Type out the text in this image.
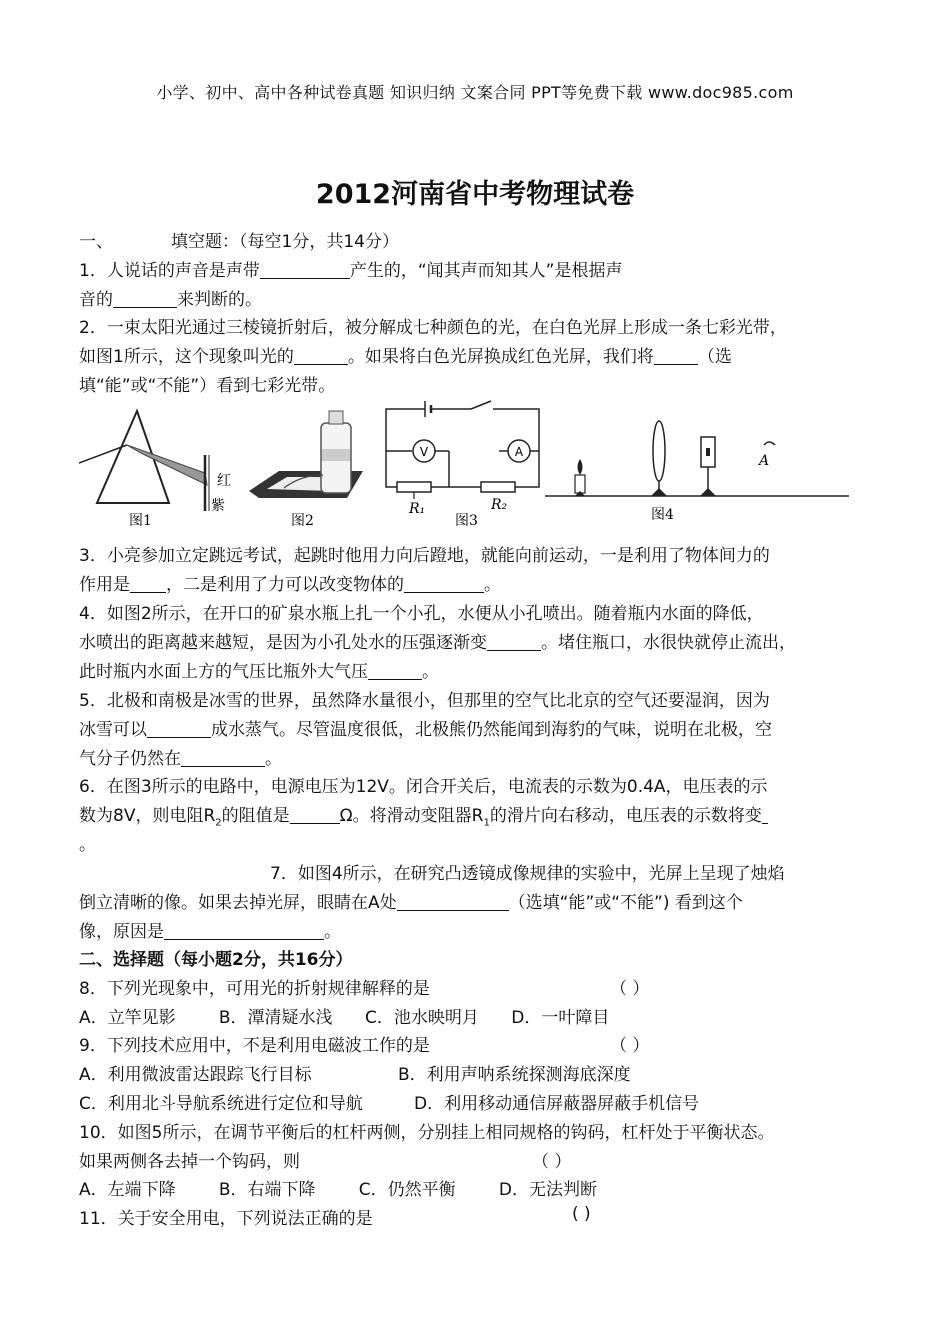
小学、初中、高中各种试卷真题 知识归纳 文案合同 PPT等免费下载 www.doc985.com
2012河南省中考物理试卷
一、	填空题：（每空1分，共14分）
1．人说话的声音是声带	产生的，“闻其声而知其人”是根据声
音的	来判断的。
2．一束太阳光通过三棱镜折射后，被分解成七种颜色的光，在白色光屏上形成一条七彩光带，
如图1所示，这个现象叫光的	。如果将白色光屏换成红色光屏，我们将	（选
填“能”或“不能”）看到七彩光带。
红
紫
图1	图2
V	A
R₁	R₂
图3
A
图4
3．小亮参加立定跳远考试，起跳时他用力向后蹬地，就能向前运动，一是利用了物体间力的
作用是 ，二是利用了力可以改变物体的	。
4．如图2所示，在开口的矿泉水瓶上扎一个小孔，水便从小孔喷出。随着瓶内水面的降低，
水喷出的距离越来越短，是因为小孔处水的压强逐渐变	。堵住瓶口，水很快就停止流出，
此时瓶内水面上方的气压比瓶外大气压	。
5．北极和南极是冰雪的世界，虽然降水量很小，但那里的空气比北京的空气还要湿润，因为
冰雪可以	成水蒸气。尽管温度很低，北极熊仍然能闻到海豹的气味，说明在北极，空
气分子仍然在	。
6．在图3所示的电路中，电源电压为12V。闭合开关后，电流表的示数为0.4A，电压表的示
数为8V，则电阻$R_2$的阻值是	Ω。将滑动变阻器$R_1$的滑片向右移动，电压表的示数将变
。
7．如图4所示，在研究凸透镜成像规律的实验中，光屏上呈现了烛焰
倒立清晰的像。如果去掉光屏，眼睛在A处	（选填“能”或“不能”) 看到这个
像，原因是	。
二、选择题（每小题2分，共16分）
8．下列光现象中，可用光的折射规律解释的是	（ ）
A．立竿见影        B．潭清疑水浅      C．池水映明月      D．一叶障目
9．下列技术应用中，不是利用电磁波工作的是	（ ）
A．利用微波雷达跟踪飞行目标	B．利用声呐系统探测海底深度
C．利用北斗导航系统进行定位和导航	D．利用移动通信屏蔽器屏蔽手机信号
10．如图5所示，在调节平衡后的杠杆两侧，分别挂上相同规格的钩码，杠杆处于平衡状态。
如果两侧各去掉一个钩码，则	（ ）
A．左端下降        B．右端下降        C．仍然平衡        D．无法判断
11．关于安全用电，下列说法正确的是	( )
